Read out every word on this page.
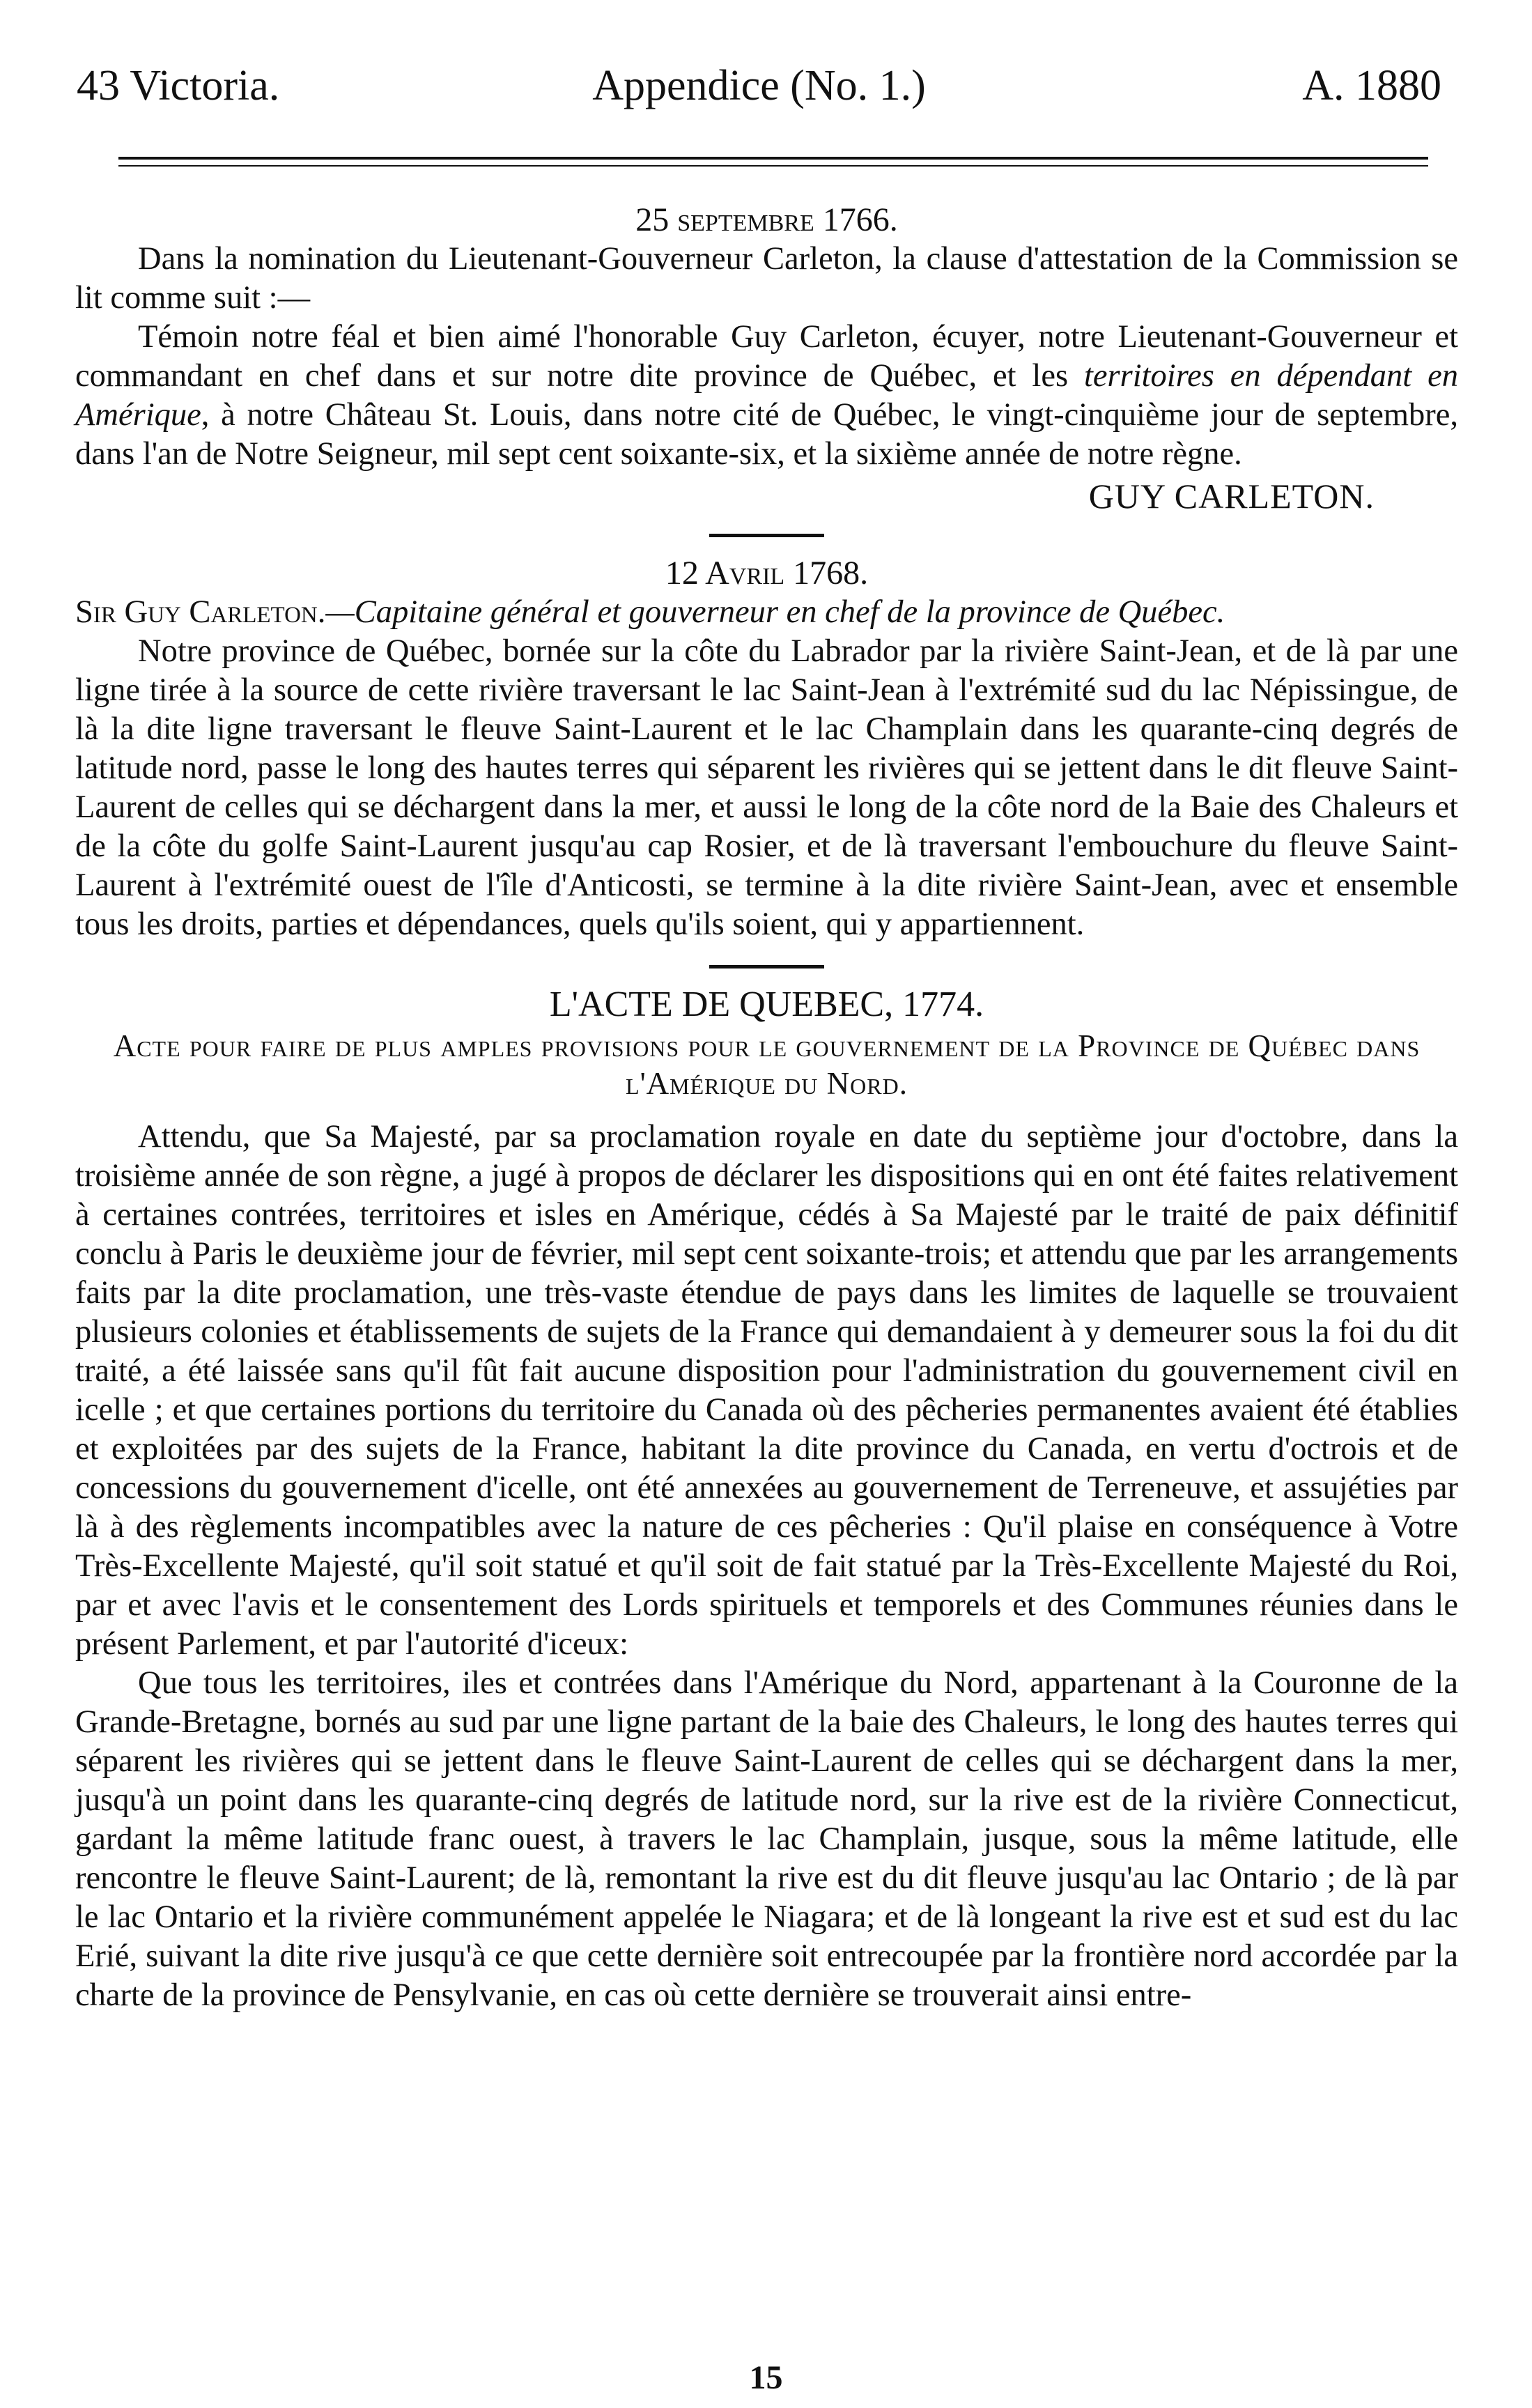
43 Victoria.	Appendice (No. 1.)	A. 1880

25 septembre 1766.

Dans la nomination du Lieutenant-Gouverneur Carleton, la clause d'attestation de la Commission se lit comme suit :—

Témoin notre féal et bien aimé l'honorable Guy Carleton, écuyer, notre Lieutenant-Gouverneur et commandant en chef dans et sur notre dite province de Québec, et les territoires en dépendant en Amérique, à notre Château St. Louis, dans notre cité de Québec, le vingt-cinquième jour de septembre, dans l'an de Notre Seigneur, mil sept cent soixante-six, et la sixième année de notre règne.

GUY CARLETON.

12 Avril 1768.

Sir Guy Carleton.—Capitaine général et gouverneur en chef de la province de Québec.

Notre province de Québec, bornée sur la côte du Labrador par la rivière Saint-Jean, et de là par une ligne tirée à la source de cette rivière traversant le lac Saint-Jean à l'extrémité sud du lac Népissingue, de là la dite ligne traversant le fleuve Saint-Laurent et le lac Champlain dans les quarante-cinq degrés de latitude nord, passe le long des hautes terres qui séparent les rivières qui se jettent dans le dit fleuve Saint-Laurent de celles qui se déchargent dans la mer, et aussi le long de la côte nord de la Baie des Chaleurs et de la côte du golfe Saint-Laurent jusqu'au cap Rosier, et de là traversant l'embouchure du fleuve Saint-Laurent à l'extrémité ouest de l'île d'Anticosti, se termine à la dite rivière Saint-Jean, avec et ensemble tous les droits, parties et dépendances, quels qu'ils soient, qui y appartiennent.

L'ACTE DE QUEBEC, 1774.

Acte pour faire de plus amples provisions pour le gouvernement de la Province de Québec dans l'Amérique du Nord.

Attendu, que Sa Majesté, par sa proclamation royale en date du septième jour d'octobre, dans la troisième année de son règne, a jugé à propos de déclarer les dispositions qui en ont été faites relativement à certaines contrées, territoires et isles en Amérique, cédés à Sa Majesté par le traité de paix définitif conclu à Paris le deuxième jour de février, mil sept cent soixante-trois; et attendu que par les arrangements faits par la dite proclamation, une très-vaste étendue de pays dans les limites de laquelle se trouvaient plusieurs colonies et établissements de sujets de la France qui demandaient à y demeurer sous la foi du dit traité, a été laissée sans qu'il fût fait aucune disposition pour l'administration du gouvernement civil en icelle ; et que certaines portions du territoire du Canada où des pêcheries permanentes avaient été établies et exploitées par des sujets de la France, habitant la dite province du Canada, en vertu d'octrois et de concessions du gouvernement d'icelle, ont été annexées au gouvernement de Terreneuve, et assujéties par là à des règlements incompatibles avec la nature de ces pêcheries : Qu'il plaise en conséquence à Votre Très-Excellente Majesté, qu'il soit statué et qu'il soit de fait statué par la Très-Excellente Majesté du Roi, par et avec l'avis et le consentement des Lords spirituels et temporels et des Communes réunies dans le présent Parlement, et par l'autorité d'iceux:

Que tous les territoires, iles et contrées dans l'Amérique du Nord, appartenant à la Couronne de la Grande-Bretagne, bornés au sud par une ligne partant de la baie des Chaleurs, le long des hautes terres qui séparent les rivières qui se jettent dans le fleuve Saint-Laurent de celles qui se déchargent dans la mer, jusqu'à un point dans les quarante-cinq degrés de latitude nord, sur la rive est de la rivière Connecticut, gardant la même latitude franc ouest, à travers le lac Champlain, jusque, sous la même latitude, elle rencontre le fleuve Saint-Laurent; de là, remontant la rive est du dit fleuve jusqu'au lac Ontario ; de là par le lac Ontario et la rivière communément appelée le Niagara; et de là longeant la rive est et sud est du lac Erié, suivant la dite rive jusqu'à ce que cette dernière soit entrecoupée par la frontière nord accordée par la charte de la province de Pensylvanie, en cas où cette dernière se trouverait ainsi entre-

15
